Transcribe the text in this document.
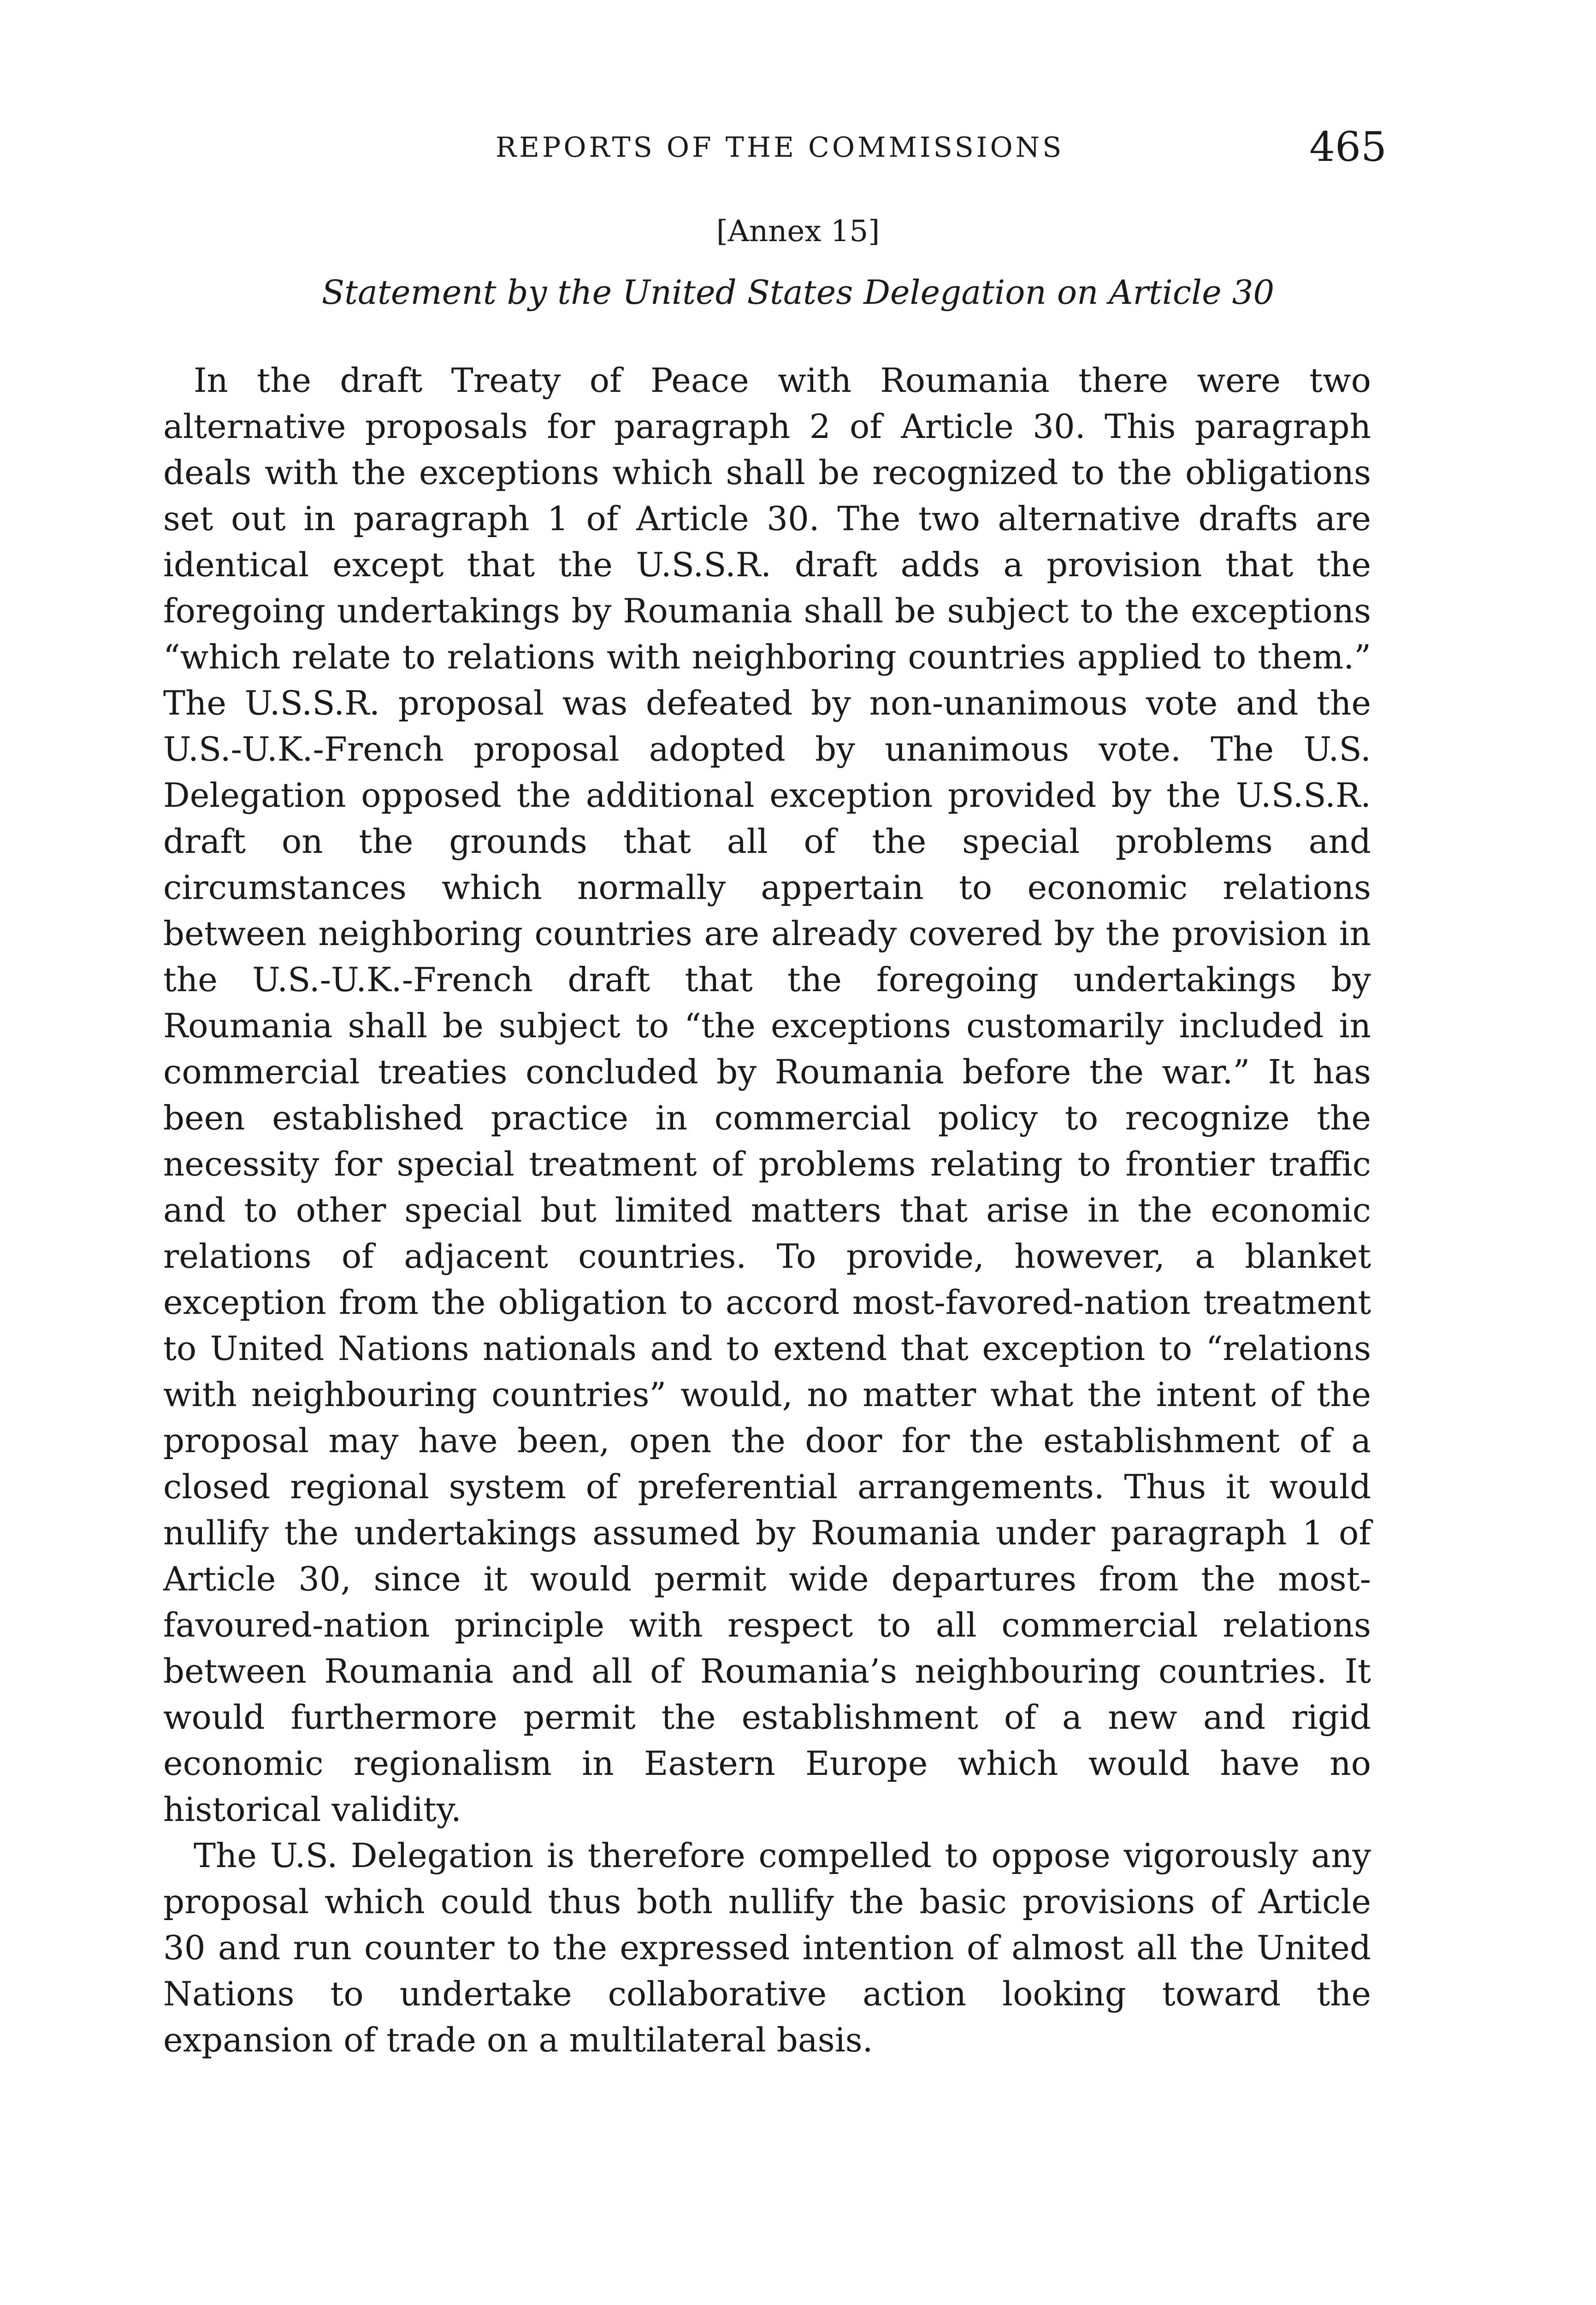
REPORTS OF THE COMMISSIONS	465
[Annex 15]
Statement by the United States Delegation on Article 30

In the draft Treaty of Peace with Roumania there were two alternative proposals for paragraph 2 of Article 30. This paragraph deals with the exceptions which shall be recognized to the obligations set out in paragraph 1 of Article 30. The two alternative drafts are identical except that the U.S.S.R. draft adds a provision that the foregoing undertakings by Roumania shall be subject to the exceptions “which relate to relations with neighboring countries applied to them.” The U.S.S.R. proposal was defeated by non-unanimous vote and the U.S.-U.K.-French proposal adopted by unanimous vote. The U.S. Delegation opposed the additional exception provided by the U.S.S.R. draft on the grounds that all of the special problems and circumstances which normally appertain to economic relations between neighboring countries are already covered by the provision in the U.S.-U.K.-French draft that the foregoing undertakings by Roumania shall be subject to “the exceptions customarily included in commercial treaties concluded by Roumania before the war.” It has been established practice in commercial policy to recognize the necessity for special treatment of problems relating to frontier traffic and to other special but limited matters that arise in the economic relations of adjacent countries. To provide, however, a blanket exception from the obligation to accord most-favored-nation treatment to United Nations nationals and to extend that exception to “relations with neighbouring countries” would, no matter what the intent of the proposal may have been, open the door for the establishment of a closed regional system of preferential arrangements. Thus it would nullify the undertakings assumed by Roumania under paragraph 1 of Article 30, since it would permit wide departures from the most-favoured-nation principle with respect to all commercial relations between Roumania and all of Roumania’s neighbouring countries. It would furthermore permit the establishment of a new and rigid economic regionalism in Eastern Europe which would have no historical validity.

The U.S. Delegation is therefore compelled to oppose vigorously any proposal which could thus both nullify the basic provisions of Article 30 and run counter to the expressed intention of almost all the United Nations to undertake collaborative action looking toward the expansion of trade on a multilateral basis.
